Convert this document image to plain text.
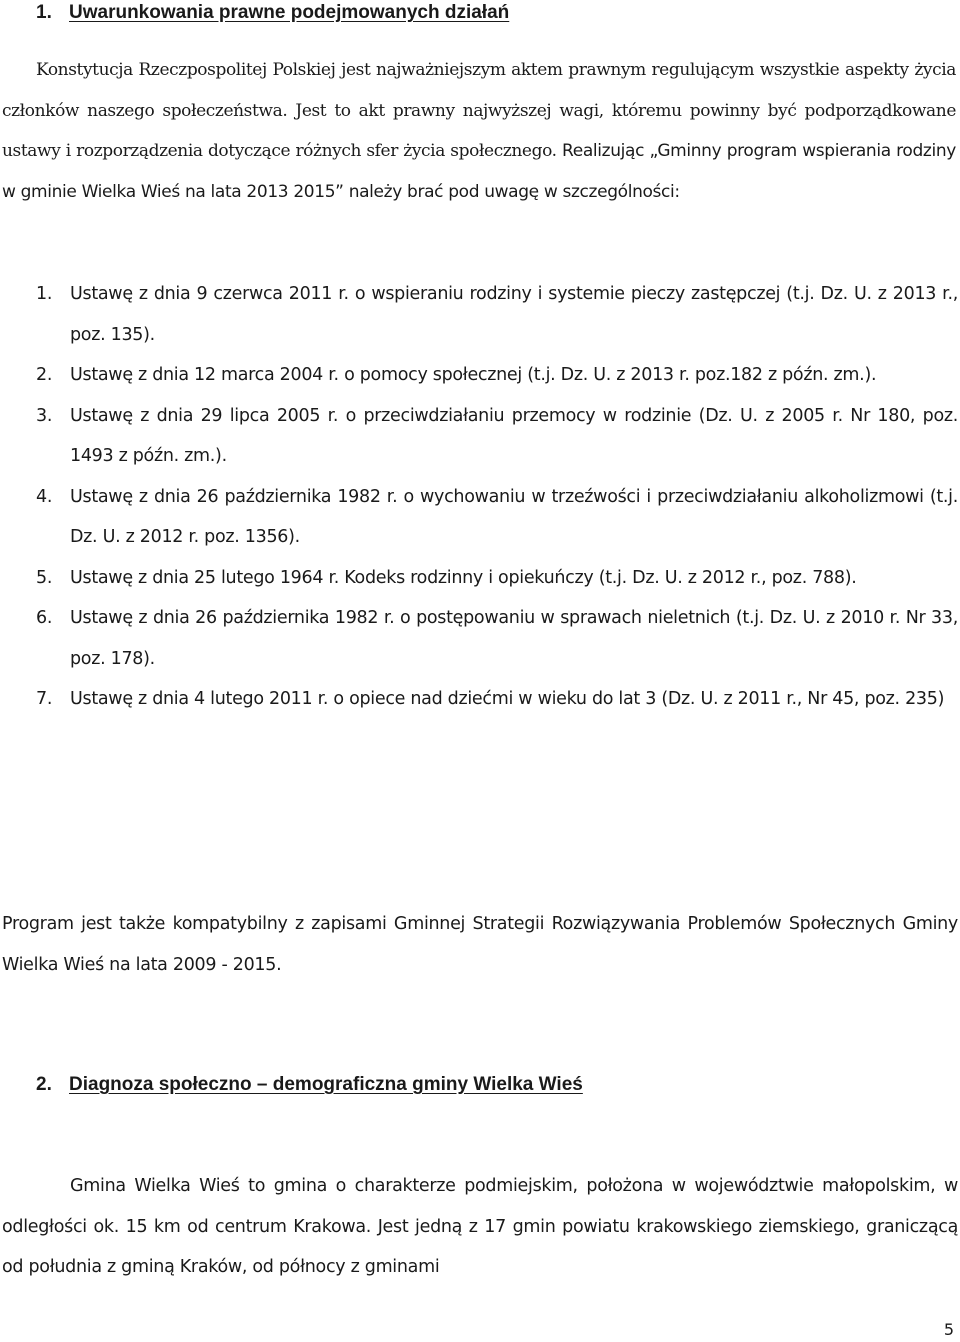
1. Uwarunkowania prawne podejmowanych działań

Konstytucja Rzeczpospolitej Polskiej jest najważniejszym aktem prawnym regulującym wszystkie aspekty życia członków naszego społeczeństwa. Jest to akt prawny najwyższej wagi, któremu powinny być podporządkowane ustawy i rozporządzenia dotyczące różnych sfer życia społecznego. Realizując „Gminny program wspierania rodziny w gminie Wielka Wieś na lata 2013 2015” należy brać pod uwagę w szczególności:

1.	Ustawę z dnia 9 czerwca 2011 r. o wspieraniu rodziny i systemie pieczy zastępczej (t.j. Dz. U. z 2013 r., poz. 135).
2.	Ustawę z dnia 12 marca 2004 r. o pomocy społecznej (t.j. Dz. U. z 2013 r. poz.182 z późn. zm.).
3.	Ustawę z dnia 29 lipca 2005 r. o przeciwdziałaniu przemocy w rodzinie (Dz. U. z 2005 r. Nr 180, poz. 1493 z późn. zm.).
4.	Ustawę z dnia 26 października 1982 r. o wychowaniu w trzeźwości i przeciwdziałaniu alkoholizmowi (t.j. Dz. U. z 2012 r. poz. 1356).
5.	Ustawę z dnia 25 lutego 1964 r. Kodeks rodzinny i opiekuńczy (t.j. Dz. U. z 2012 r., poz. 788).
6.	Ustawę z dnia 26 października 1982 r. o postępowaniu w sprawach nieletnich (t.j. Dz. U. z 2010 r. Nr 33, poz. 178).
7.	Ustawę z dnia 4 lutego 2011 r. o opiece nad dziećmi w wieku do lat 3 (Dz. U. z 2011 r., Nr 45, poz. 235)

Program jest także kompatybilny z zapisami Gminnej Strategii Rozwiązywania Problemów Społecznych Gminy Wielka Wieś na lata 2009 - 2015.

2. Diagnoza społeczno – demograficzna gminy Wielka Wieś

Gmina Wielka Wieś to gmina o charakterze podmiejskim, położona w województwie małopolskim, w odległości ok. 15 km od centrum Krakowa. Jest jedną z 17 gmin powiatu krakowskiego ziemskiego, graniczącą od południa z gminą Kraków, od północy z gminami

5
